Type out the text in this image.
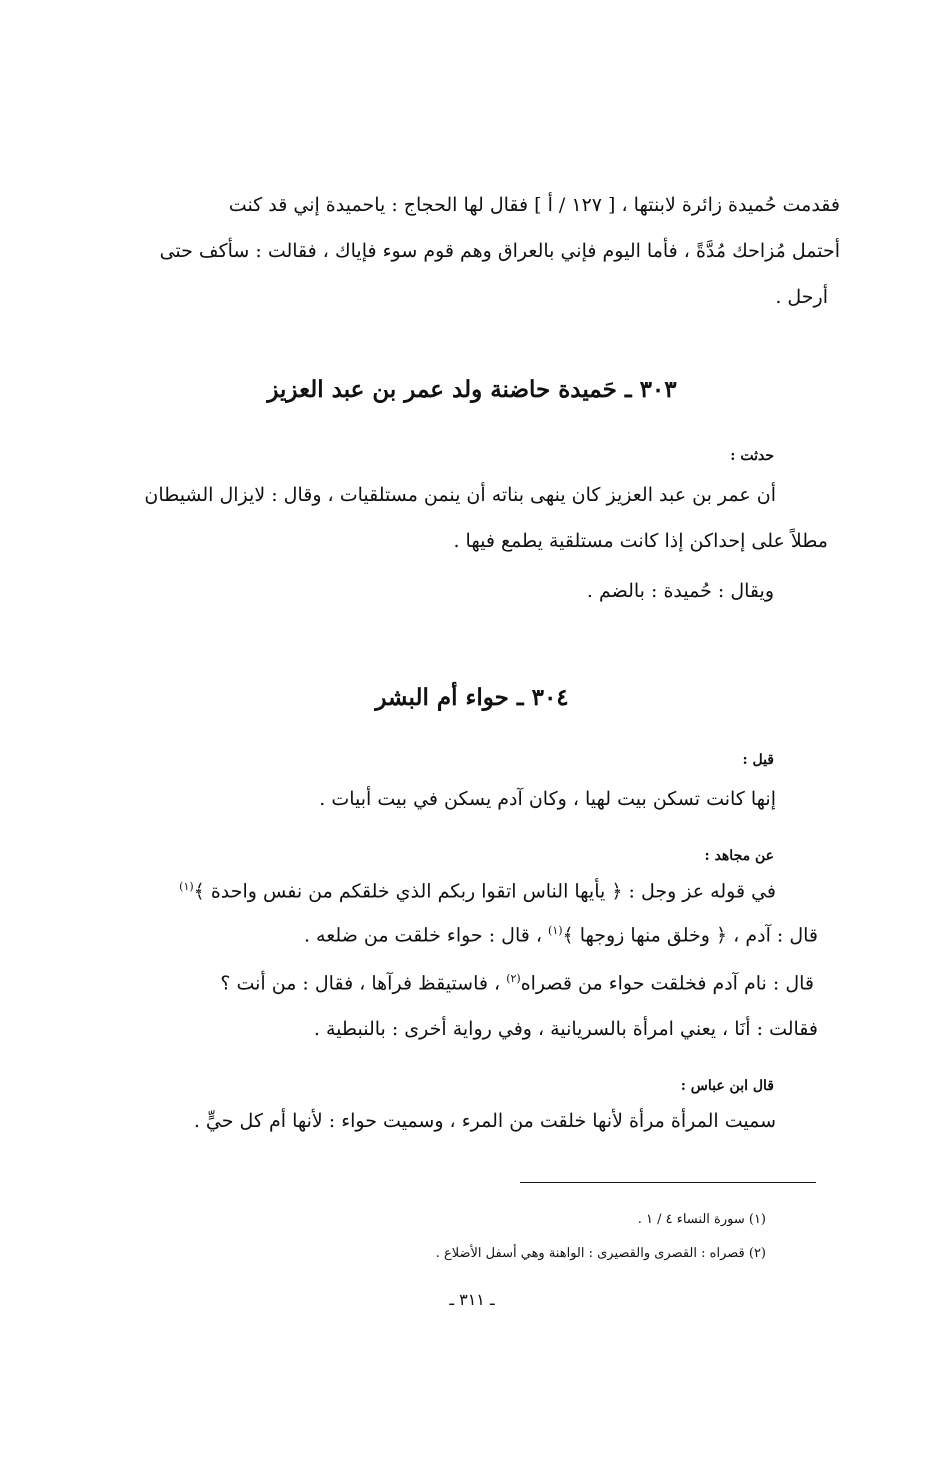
فقدمت حُميدة زائرة لابنتها ، [ ١٢٧ / أ ] فقال لها الحجاج : ياحميدة إني قد كنت
أحتمل مُزاحك مُدَّةً ، فأما اليوم فإني بالعراق وهم قوم سوء فإياك ، فقالت : سأكف حتى
أرحل .
٣٠٣ ـ حَميدة حاضنة ولد عمر بن عبد العزيز
حدثت :
أن عمر بن عبد العزيز كان ينهى بناته أن ينمن مستلقيات ، وقال : لايزال الشيطان
مطلاً على إحداكن إذا كانت مستلقية يطمع فيها .
ويقال : حُميدة : بالضم .
٣٠٤ ـ حواء أم البشر
قيل :
إنها كانت تسكن بيت لهيا ، وكان آدم يسكن في بيت أبيات .
عن مجاهد :
في قوله عز وجل : ﴿ يأيها الناس اتقوا ربكم الذي خلقكم من نفس واحدة ﴾$^{(١)}$
قال : آدم ، ﴿ وخلق منها زوجها ﴾$^{(١)}$ ، قال : حواء خلقت من ضلعه .
قال : نام آدم فخلقت حواء من قصراه$^{(٢)}$ ، فاستيقظ فرآها ، فقال : من أنت ؟
فقالت : أنَا ، يعني امرأة بالسريانية ، وفي رواية أخرى : بالنبطية .
قال ابن عباس :
سميت المرأة مرأة لأنها خلقت من المرء ، وسميت حواء : لأنها أم كل حيٍّ .
(١) سورة النساء ٤ / ١ .
(٢) قصراه : القصرى والقصيرى : الواهنة وهي أسفل الأضلاع .
ـ ٣١١ ـ
